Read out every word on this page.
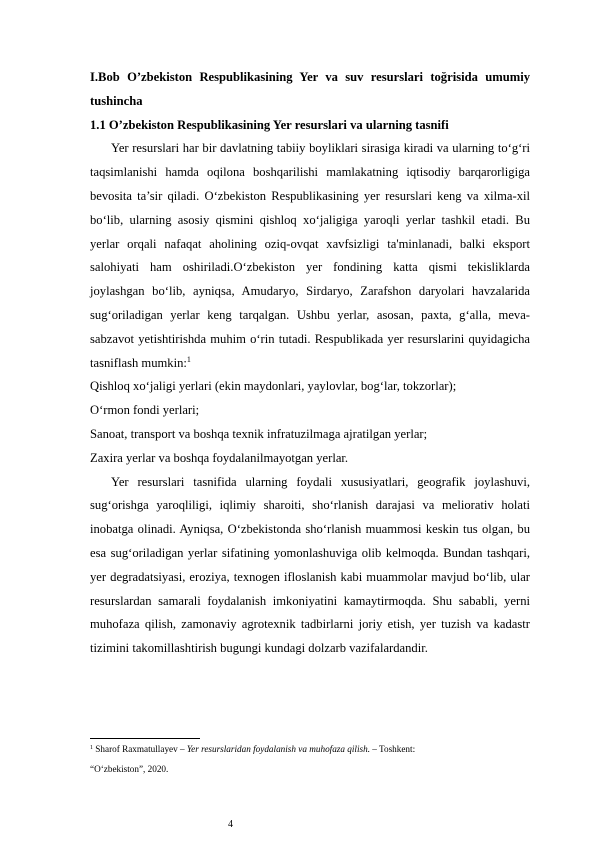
I.Bob O’zbekiston Respublikasining Yer va suv resurslari toğrisida umumiy tushincha

1.1 O’zbekiston Respublikasining Yer resurslari va ularning tasnifi

Yer resurslari har bir davlatning tabiiy boyliklari sirasiga kiradi va ularning to‘g‘ri taqsimlanishi hamda oqilona boshqarilishi mamlakatning iqtisodiy barqarorligiga bevosita ta’sir qiladi. O‘zbekiston Respublikasining yer resurslari keng va xilma-xil bo‘lib, ularning asosiy qismini qishloq xo‘jaligiga yaroqli yerlar tashkil etadi. Bu yerlar orqali nafaqat aholining oziq-ovqat xavfsizligi ta'minlanadi, balki eksport salohiyati ham oshiriladi.O‘zbekiston yer fondining katta qismi tekisliklarda joylashgan bo‘lib, ayniqsa, Amudaryo, Sirdaryo, Zarafshon daryolari havzalarida sug‘oriladigan yerlar keng tarqalgan. Ushbu yerlar, asosan, paxta, g‘alla, meva-sabzavot yetishtirishda muhim o‘rin tutadi. Respublikada yer resurslarini quyidagicha tasniflash mumkin:$^1$

Qishloq xo‘jaligi yerlari (ekin maydonlari, yaylovlar, bog‘lar, tokzorlar);

O‘rmon fondi yerlari;

Sanoat, transport va boshqa texnik infratuzilmaga ajratilgan yerlar;

Zaxira yerlar va boshqa foydalanilmayotgan yerlar.

Yer resurslari tasnifida ularning foydali xususiyatlari, geografik joylashuvi, sug‘orishga yaroqliligi, iqlimiy sharoiti, sho‘rlanish darajasi va meliorativ holati inobatga olinadi. Ayniqsa, O‘zbekistonda sho‘rlanish muammosi keskin tus olgan, bu esa sug‘oriladigan yerlar sifatining yomonlashuviga olib kelmoqda. Bundan tashqari, yer degradatsiyasi, eroziya, texnogen ifloslanish kabi muammolar mavjud bo‘lib, ular resurslardan samarali foydalanish imkoniyatini kamaytirmoqda. Shu sababli, yerni muhofaza qilish, zamonaviy agrotexnik tadbirlarni joriy etish, yer tuzish va kadastr tizimini takomillashtirish bugungi kundagi dolzarb vazifalardandir.

$^1$ Sharof Raxmatullayev – Yer resurslaridan foydalanish va muhofaza qilish. – Toshkent:
“O‘zbekiston”, 2020.
4
